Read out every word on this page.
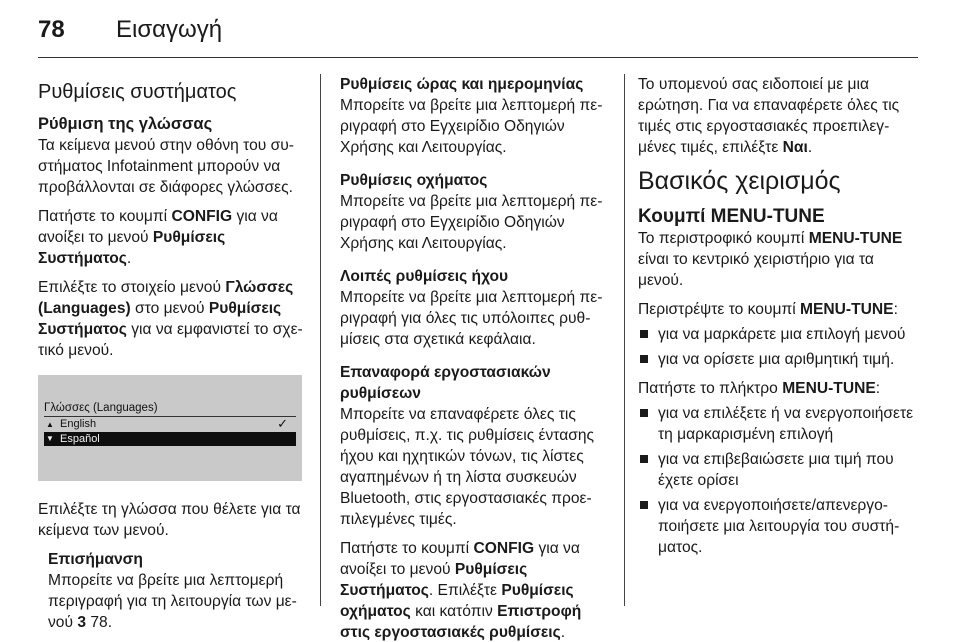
78 Εισαγωγή
Ρυθμίσεις συστήματος
Ρύθμιση της γλώσσας

Τα κείμενα μενού στην οθόνη του συστήματος Infotainment μπορούν να προβάλλονται σε διάφορες γλώσσες.

Πατήστε το κουμπί CONFIG για να ανοίξει το μενού Ρυθμίσεις Συστήματος.

Επιλέξτε το στοιχείο μενού Γλώσσες (Languages) στο μενού Ρυθμίσεις Συστήματος για να εμφανιστεί το σχετικό μενού.

Γλώσσες (Languages)
▲ English	✓
▼ Español

Επιλέξτε τη γλώσσα που θέλετε για τα κείμενα των μενού.

Επισήμανση

Μπορείτε να βρείτε μια λεπτομερή περιγραφή για τη λειτουργία των μενού 3 78.

Ρυθμίσεις ώρας και ημερομηνίας

Μπορείτε να βρείτε μια λεπτομερή περιγραφή στο Εγχειρίδιο Οδηγιών Χρήσης και Λειτουργίας.

Ρυθμίσεις οχήματος

Μπορείτε να βρείτε μια λεπτομερή περιγραφή στο Εγχειρίδιο Οδηγιών Χρήσης και Λειτουργίας.

Λοιπές ρυθμίσεις ήχου

Μπορείτε να βρείτε μια λεπτομερή περιγραφή για όλες τις υπόλοιπες ρυθμίσεις στα σχετικά κεφάλαια.

Επαναφορά εργοστασιακών ρυθμίσεων

Μπορείτε να επαναφέρετε όλες τις ρυθμίσεις, π.χ. τις ρυθμίσεις έντασης ήχου και ηχητικών τόνων, τις λίστες αγαπημένων ή τη λίστα συσκευών Bluetooth, στις εργοστασιακές προεπιλεγμένες τιμές.

Πατήστε το κουμπί CONFIG για να ανοίξει το μενού Ρυθμίσεις Συστήματος. Επιλέξτε Ρυθμίσεις οχήματος και κατόπιν Επιστροφή στις εργοστασιακές ρυθμίσεις.

Το υπομενού σας ειδοποιεί με μια ερώτηση. Για να επαναφέρετε όλες τις τιμές στις εργοστασιακές προεπιλεγμένες τιμές, επιλέξτε Ναι.

Βασικός χειρισμός
Κουμπί MENU-TUNE

Το περιστροφικό κουμπί MENU-TUNE είναι το κεντρικό χειριστήριο για τα μενού.

Περιστρέψτε το κουμπί MENU-TUNE:

για να μαρκάρετε μια επιλογή μενού
για να ορίσετε μια αριθμητική τιμή.

Πατήστε το πλήκτρο MENU-TUNE:

για να επιλέξετε ή να ενεργοποιήσετε τη μαρκαρισμένη επιλογή
για να επιβεβαιώσετε μια τιμή που έχετε ορίσει
για να ενεργοποιήσετε/απενεργοποιήσετε μια λειτουργία του συστήματος.
